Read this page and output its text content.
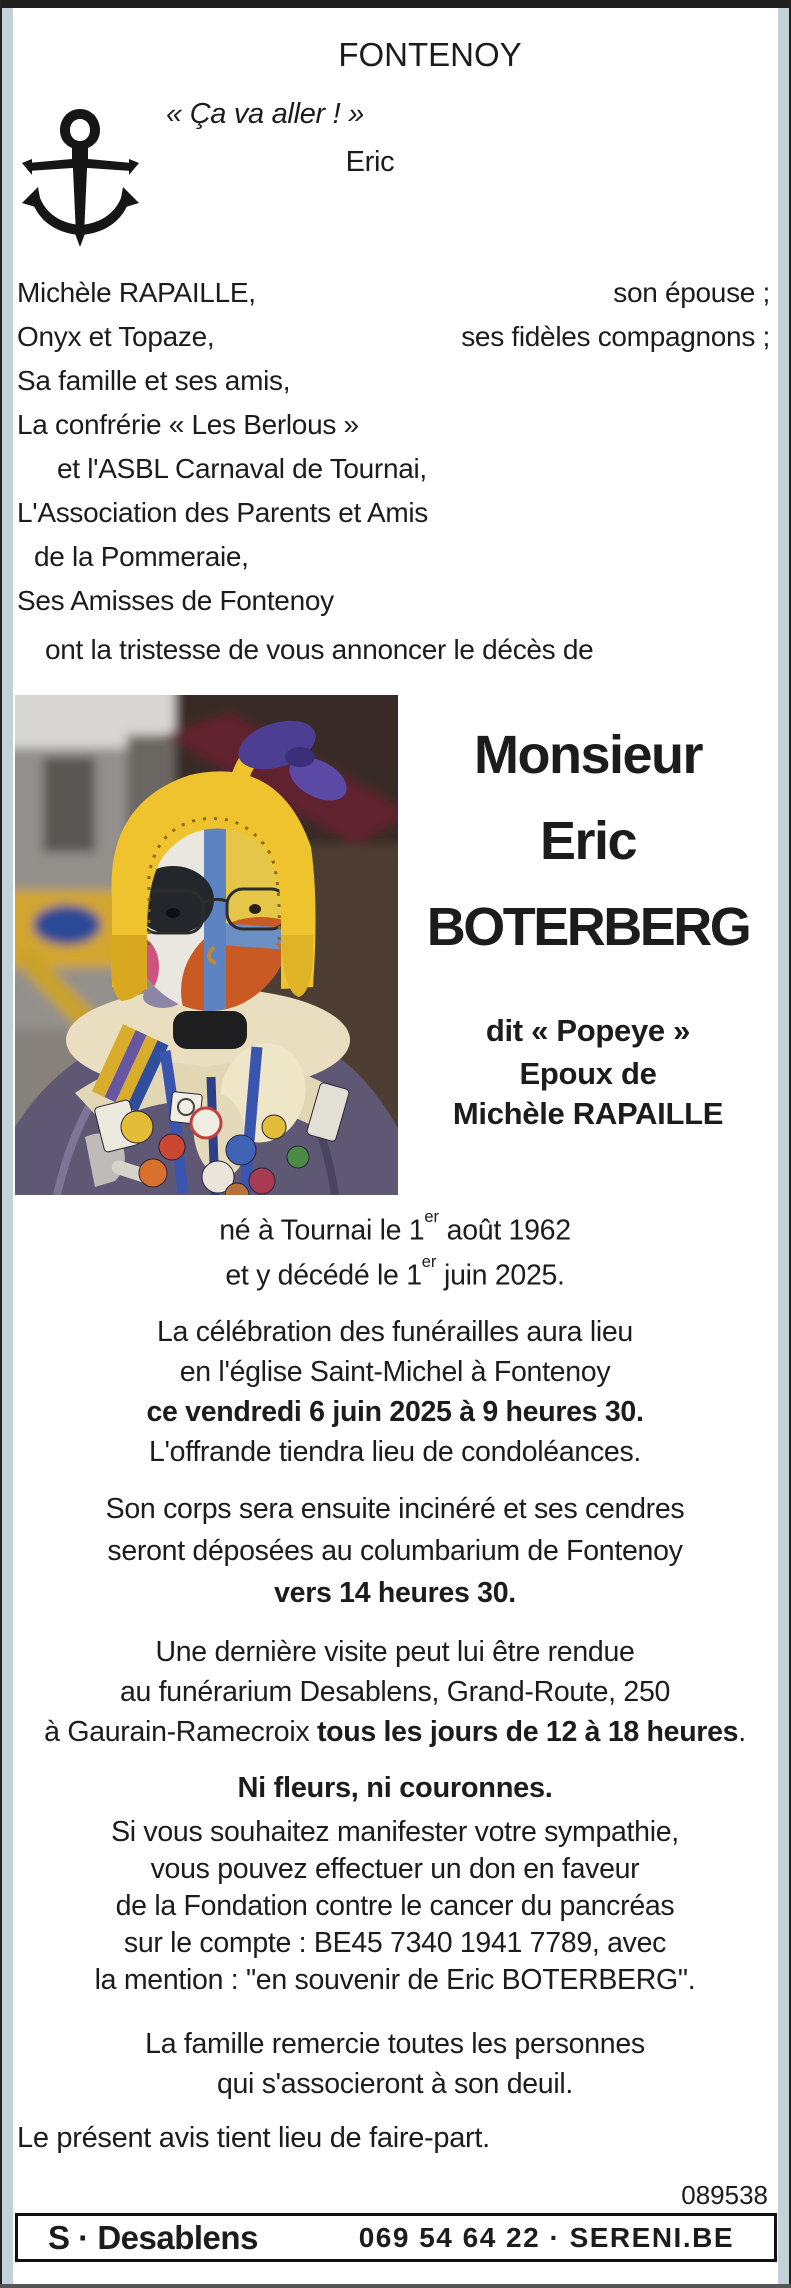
FONTENOY
« Ça va aller ! »
Eric
Michèle RAPAILLE,	son épouse ;
Onyx et Topaze,	ses fidèles compagnons ;
Sa famille et ses amis,
La confrérie « Les Berlous »
et l'ASBL Carnaval de Tournai,
L'Association des Parents et Amis
de la Pommeraie,
Ses Amisses de Fontenoy
ont la tristesse de vous annoncer le décès de
Monsieur
Eric
BOTERBERG
dit « Popeye »
Epoux de
Michèle RAPAILLE
né à Tournai le 1er août 1962
et y décédé le 1er juin 2025.
La célébration des funérailles aura lieu
en l'église Saint-Michel à Fontenoy
ce vendredi 6 juin 2025 à 9 heures 30.
L'offrande tiendra lieu de condoléances.
Son corps sera ensuite incinéré et ses cendres
seront déposées au columbarium de Fontenoy
vers 14 heures 30.
Une dernière visite peut lui être rendue
au funérarium Desablens, Grand-Route, 250
à Gaurain-Ramecroix tous les jours de 12 à 18 heures.
Ni fleurs, ni couronnes.
Si vous souhaitez manifester votre sympathie,
vous pouvez effectuer un don en faveur
de la Fondation contre le cancer du pancréas
sur le compte : BE45 7340 1941 7789, avec
la mention : "en souvenir de Eric BOTERBERG".
La famille remercie toutes les personnes
qui s'associeront à son deuil.
Le présent avis tient lieu de faire-part.
089538
S · Desablens	069 54 64 22 · SERENI.BE
